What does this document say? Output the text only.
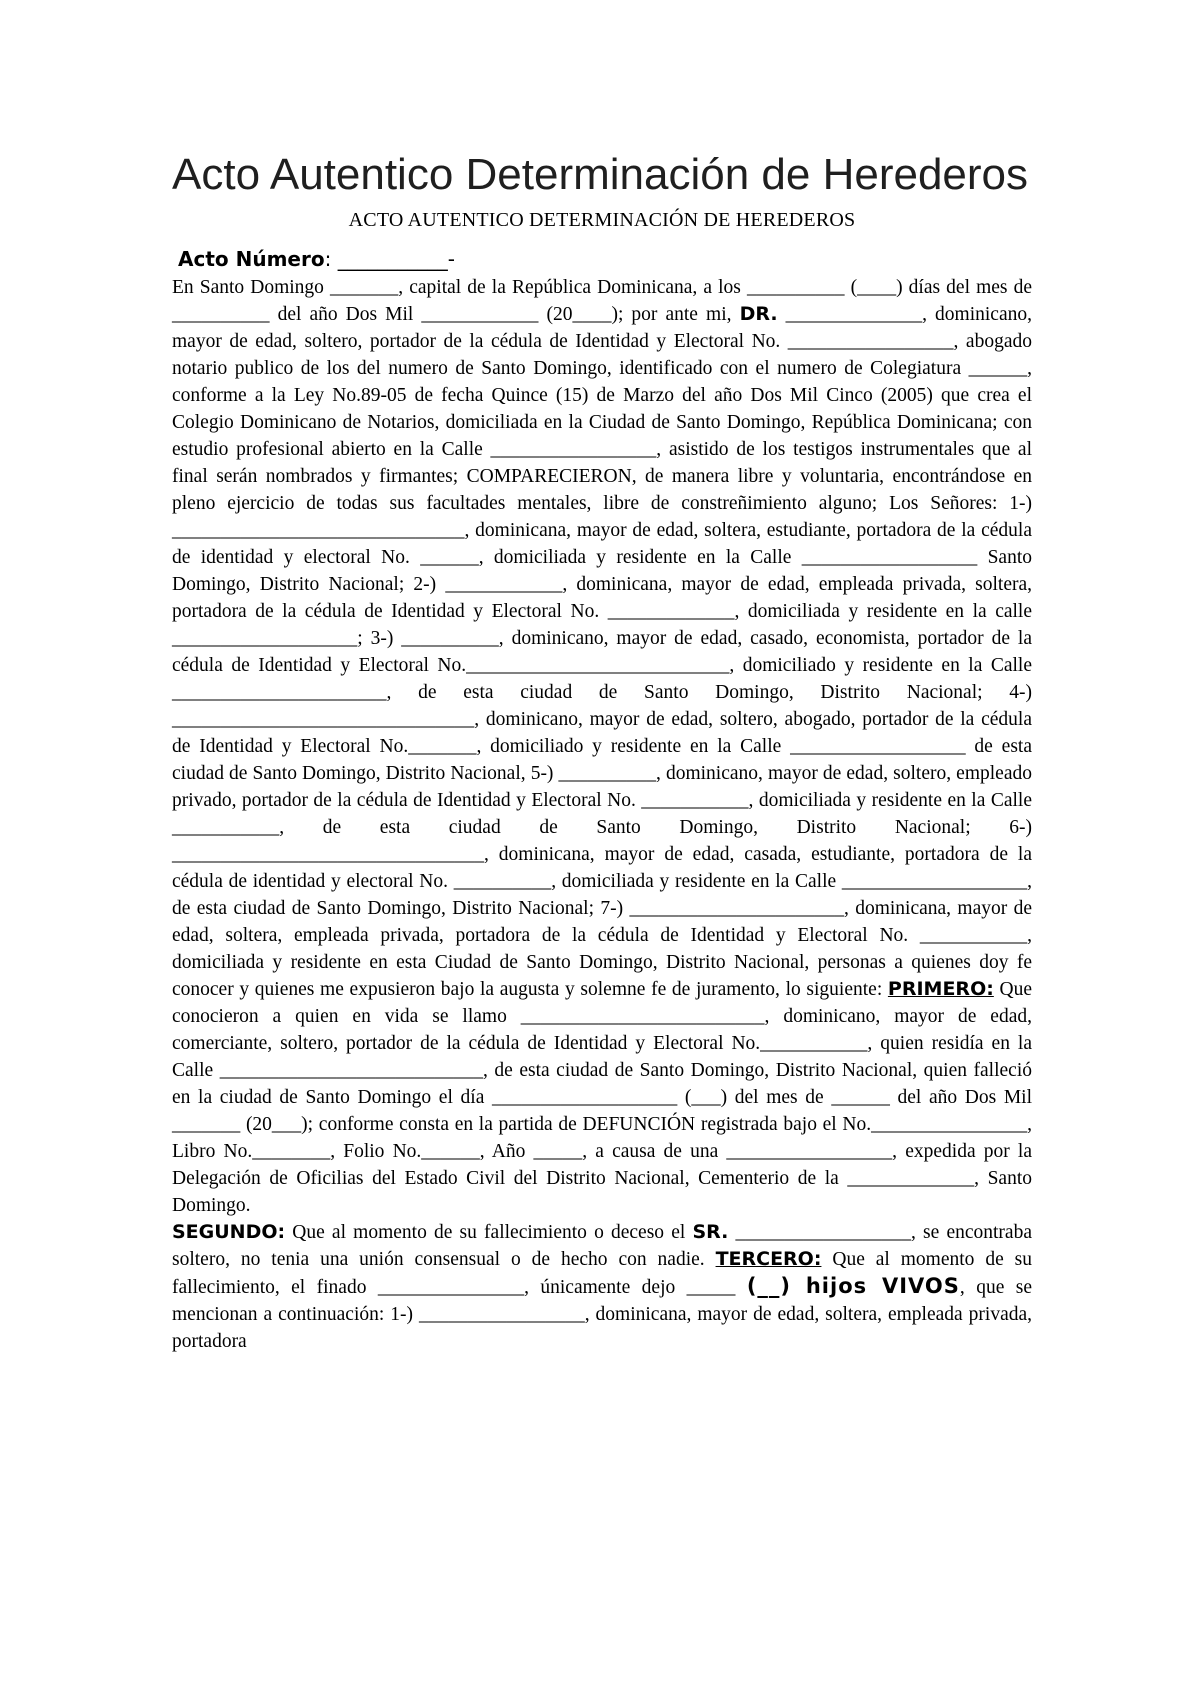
Acto Autentico Determinación de Herederos
ACTO AUTENTICO DETERMINACIÓN DE HEREDEROS
Acto Número: ___________-

En Santo Domingo _______, capital de la República Dominicana, a los __________ (____) días del mes de __________ del año Dos Mil ____________ (20____); por ante mi, DR. ______________, dominicano, mayor de edad, soltero, portador de la cédula de Identidad y Electoral No. _________________, abogado notario publico de los del numero de Santo Domingo, identificado con el numero de Colegiatura ______, conforme a la Ley No.89-05 de fecha Quince (15) de Marzo del año Dos Mil Cinco (2005) que crea el Colegio Dominicano de Notarios, domiciliada en la Ciudad de Santo Domingo, República Dominicana; con estudio profesional abierto en la Calle _________________, asistido de los testigos instrumentales que al final serán nombrados y firmantes; COMPARECIERON, de manera libre y voluntaria, encontrándose en pleno ejercicio de todas sus facultades mentales, libre de constreñimiento alguno; Los Señores: 1-) ______________________________, dominicana, mayor de edad, soltera, estudiante, portadora de la cédula de identidad y electoral No. ______, domiciliada y residente en la Calle __________________ Santo Domingo, Distrito Nacional; 2-) ____________, dominicana, mayor de edad, empleada privada, soltera, portadora de la cédula de Identidad y Electoral No. _____________, domiciliada y residente en la calle ___________________; 3-) __________, dominicano, mayor de edad, casado, economista, portador de la cédula de Identidad y Electoral No.___________________________, domiciliado y residente en la Calle ______________________, de esta ciudad de Santo Domingo, Distrito Nacional; 4-) _______________________________, dominicano, mayor de edad, soltero, abogado, portador de la cédula de Identidad y Electoral No._______, domiciliado y residente en la Calle __________________ de esta ciudad de Santo Domingo, Distrito Nacional, 5-) __________, dominicano, mayor de edad, soltero, empleado privado, portador de la cédula de Identidad y Electoral No. ___________, domiciliada y residente en la Calle ___________, de esta ciudad de Santo Domingo, Distrito Nacional; 6-) ________________________________, dominicana, mayor de edad, casada, estudiante, portadora de la cédula de identidad y electoral No. __________, domiciliada y residente en la Calle ___________________, de esta ciudad de Santo Domingo, Distrito Nacional; 7-) ______________________, dominicana, mayor de edad, soltera, empleada privada, portadora de la cédula de Identidad y Electoral No. ___________, domiciliada y residente en esta Ciudad de Santo Domingo, Distrito Nacional, personas a quienes doy fe conocer y quienes me expusieron bajo la augusta y solemne fe de juramento, lo siguiente: PRIMERO: Que conocieron a quien en vida se llamo _________________________, dominicano, mayor de edad, comerciante, soltero, portador de la cédula de Identidad y Electoral No.___________, quien residía en la Calle ___________________________, de esta ciudad de Santo Domingo, Distrito Nacional, quien falleció en la ciudad de Santo Domingo el día ___________________ (___) del mes de ______ del año Dos Mil _______ (20___); conforme consta en la partida de DEFUNCIÓN registrada bajo el No.________________, Libro No.________, Folio No.______, Año _____, a causa de una _________________, expedida por la Delegación de Oficilias del Estado Civil del Distrito Nacional, Cementerio de la _____________, Santo Domingo.

SEGUNDO: Que al momento de su fallecimiento o deceso el SR. __________________, se encontraba soltero, no tenia una unión consensual o de hecho con nadie. TERCERO: Que al momento de su fallecimiento, el finado _______________, únicamente dejo _____ (__) hijos VIVOS, que se mencionan a continuación: 1-) _________________, dominicana, mayor de edad, soltera, empleada privada, portadora
